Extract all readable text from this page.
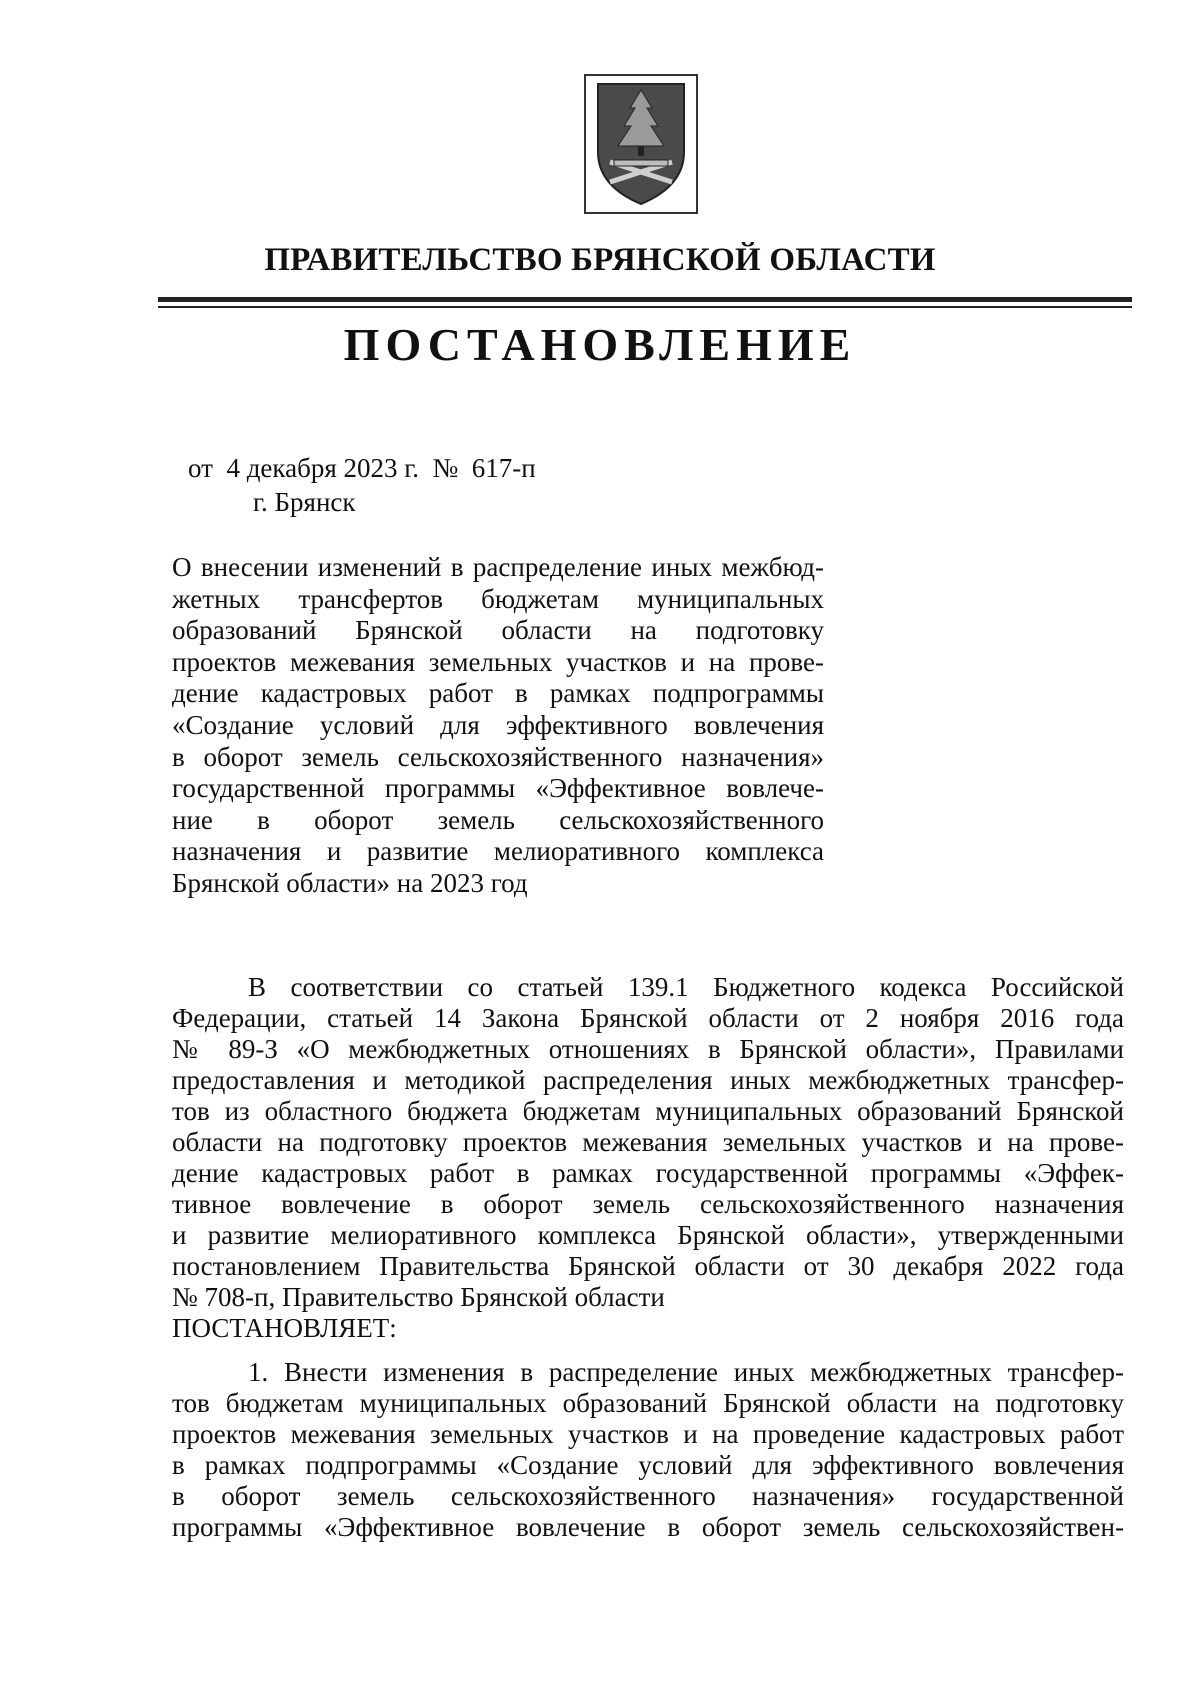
ПРАВИТЕЛЬСТВО БРЯНСКОЙ ОБЛАСТИ
ПОСТАНОВЛЕНИЕ
от  4 декабря 2023 г.  №  617-п
г. Брянск
О внесении изменений в распределение иных межбюд-
жетных трансфертов бюджетам муниципальных
образований Брянской области на подготовку
проектов межевания земельных участков и на прове-
дение кадастровых работ в рамках подпрограммы
«Создание условий для эффективного вовлечения
в оборот земель сельскохозяйственного назначения»
государственной программы «Эффективное вовлече-
ние в оборот земель сельскохозяйственного
назначения и развитие мелиоративного комплекса
Брянской области» на 2023 год
В соответствии со статьей 139.1 Бюджетного кодекса Российской
Федерации, статьей 14 Закона Брянской области от 2 ноября 2016 года
№ 89-З «О межбюджетных отношениях в Брянской области», Правилами
предоставления и методикой распределения иных межбюджетных трансфер-
тов из областного бюджета бюджетам муниципальных образований Брянской
области на подготовку проектов межевания земельных участков и на прове-
дение кадастровых работ в рамках государственной программы «Эффек-
тивное вовлечение в оборот земель сельскохозяйственного назначения
и развитие мелиоративного комплекса Брянской области», утвержденными
постановлением Правительства Брянской области от 30 декабря 2022 года
№ 708-п, Правительство Брянской области
ПОСТАНОВЛЯЕТ:
1. Внести изменения в распределение иных межбюджетных трансфер-
тов бюджетам муниципальных образований Брянской области на подготовку
проектов межевания земельных участков и на проведение кадастровых работ
в рамках подпрограммы «Создание условий для эффективного вовлечения
в оборот земель сельскохозяйственного назначения» государственной
программы «Эффективное вовлечение в оборот земель сельскохозяйствен-
